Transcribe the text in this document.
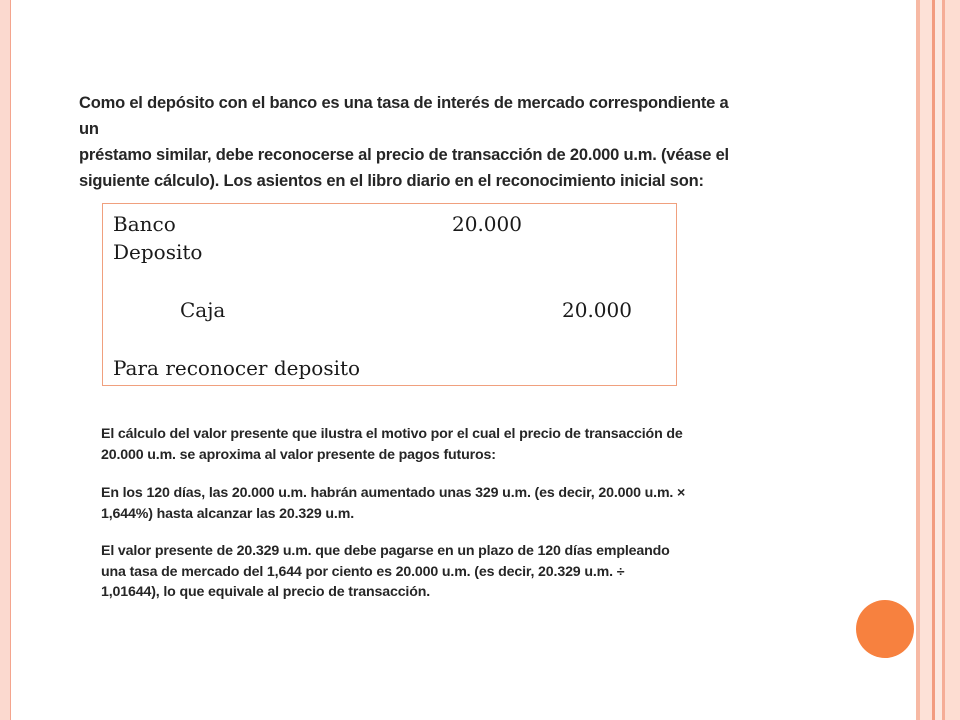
Como el depósito con el banco es una tasa de interés de mercado correspondiente a un
préstamo similar, debe reconocerse al precio de transacción de 20.000 u.m. (véase el
siguiente cálculo). Los asientos en el libro diario en el reconocimiento inicial son:

Banco	20.000
Deposito
Caja	20.000
Para reconocer deposito

El cálculo del valor presente que ilustra el motivo por el cual el precio de transacción de
20.000 u.m. se aproxima al valor presente de pagos futuros:

En los 120 días, las 20.000 u.m. habrán aumentado unas 329 u.m. (es decir, 20.000 u.m. ×
1,644%) hasta alcanzar las 20.329 u.m.

El valor presente de 20.329 u.m. que debe pagarse en un plazo de 120 días empleando
una tasa de mercado del 1,644 por ciento es 20.000 u.m. (es decir, 20.329 u.m. ÷
1,01644), lo que equivale al precio de transacción.
